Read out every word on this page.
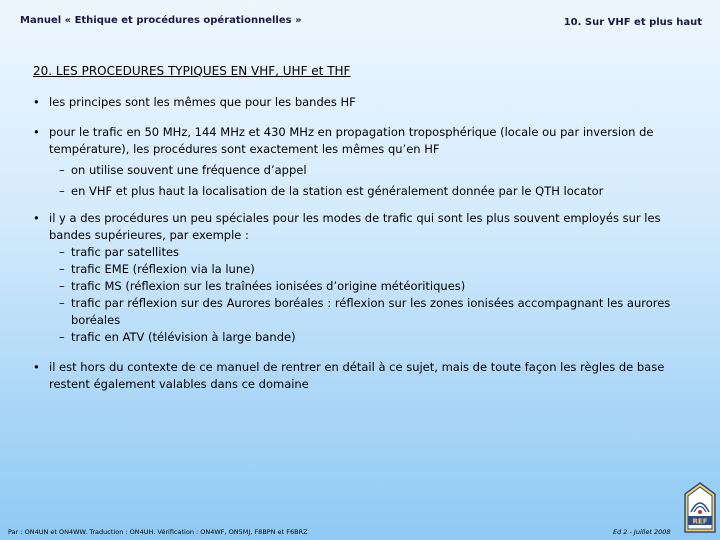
Manuel « Ethique et procédures opérationnelles »	10. Sur VHF et plus haut
20. LES PROCEDURES TYPIQUES EN VHF, UHF et THF
• les principes sont les mêmes que pour les bandes HF
• pour le trafic en 50 MHz, 144 MHz et 430 MHz en propagation troposphérique (locale ou par inversion de température), les procédures sont exactement les mêmes qu’en HF
– on utilise souvent une fréquence d’appel
– en VHF et plus haut la localisation de la station est généralement donnée par le QTH locator
• il y a des procédures un peu spéciales pour les modes de trafic qui sont les plus souvent employés sur les bandes supérieures, par exemple :
– trafic par satellites
– trafic EME (réflexion via la lune)
– trafic MS (réflexion sur les traînées ionisées d’origine météoritiques)
– trafic par réflexion sur des Aurores boréales : réflexion sur les zones ionisées accompagnant les aurores boréales
– trafic en ATV (télévision à large bande)
• il est hors du contexte de ce manuel de rentrer en détail à ce sujet, mais de toute façon les règles de base restent également valables dans ce domaine
Par : ON4UN et ON4WW. Traduction : ON4UH. Vérification : ON4WF, ON5MJ, F8BPN et F6BRZ	Ed 2 - Juillet 2008
REF
